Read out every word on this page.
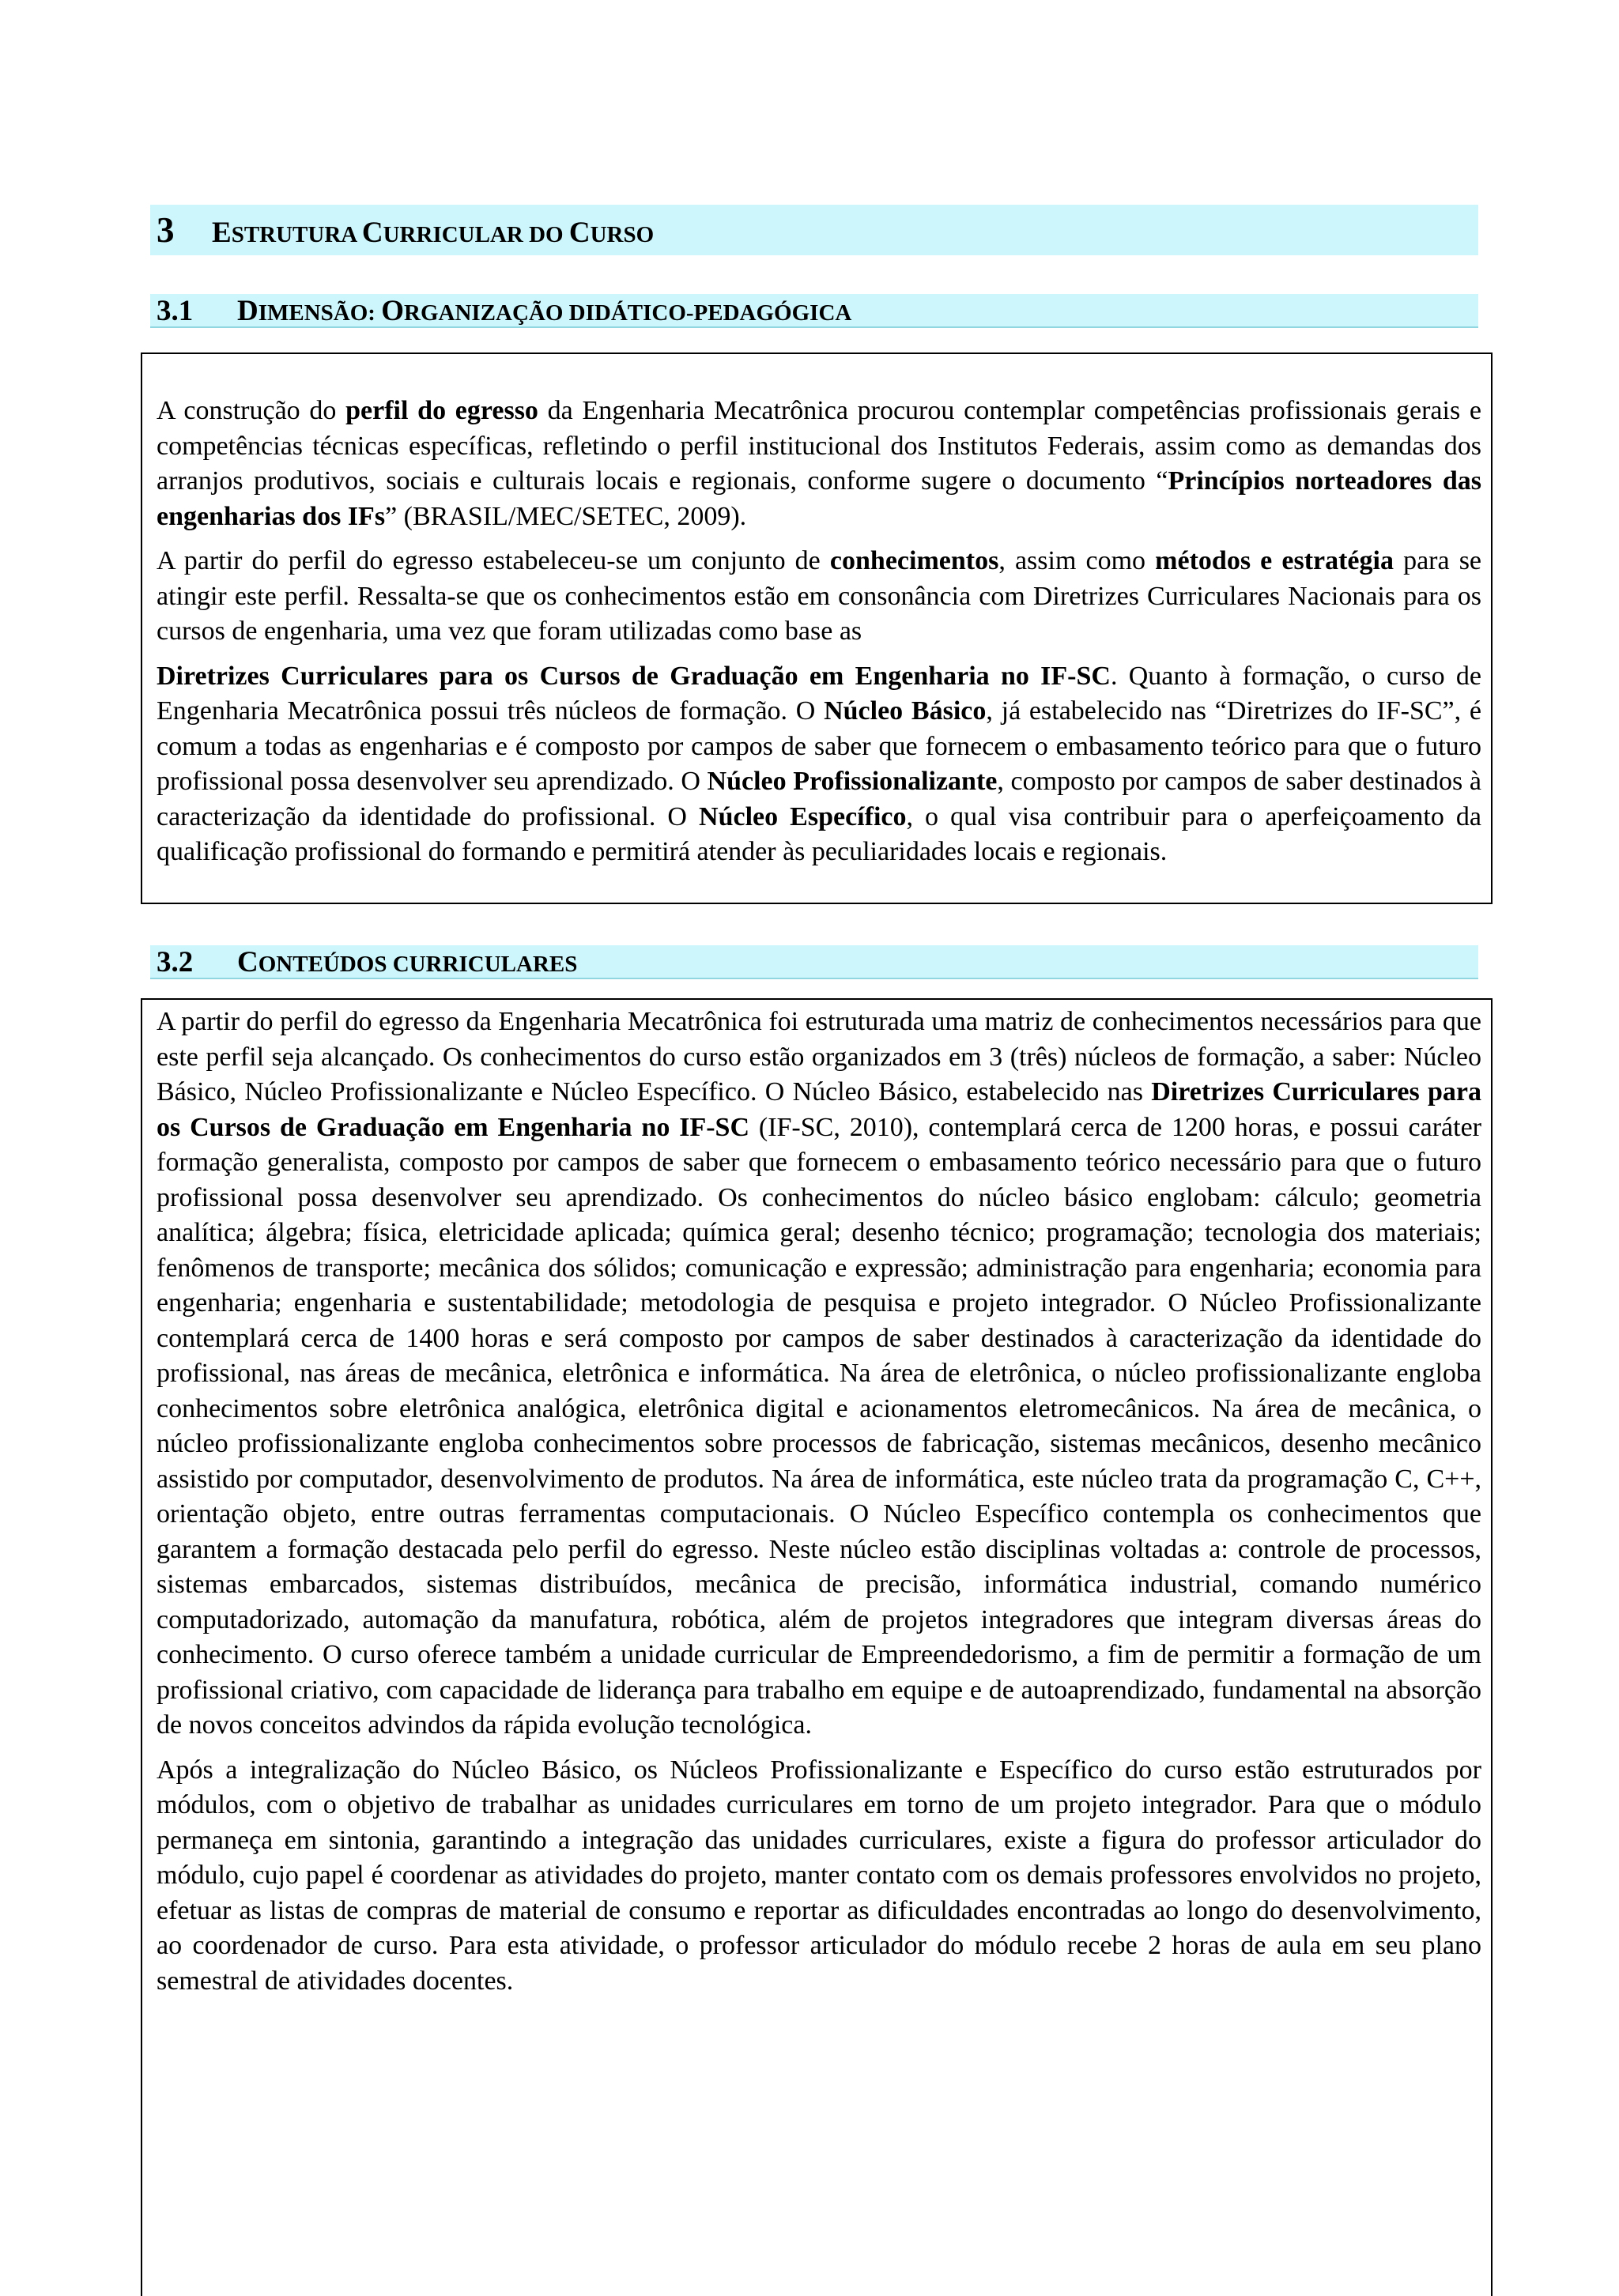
3 ESTRUTURA CURRICULAR DO CURSO
3.1 DIMENSÃO: ORGANIZAÇÃO DIDÁTICO-PEDAGÓGICA

A construção do perfil do egresso da Engenharia Mecatrônica procurou contemplar competências profissionais gerais e competências técnicas específicas, refletindo o perfil institucional dos Institutos Federais, assim como as demandas dos arranjos produtivos, sociais e culturais locais e regionais, conforme sugere o documento “Princípios norteadores das engenharias dos IFs” (BRASIL/MEC/SETEC, 2009).

A partir do perfil do egresso estabeleceu-se um conjunto de conhecimentos, assim como métodos e estratégia para se atingir este perfil. Ressalta-se que os conhecimentos estão em consonância com Diretrizes Curriculares Nacionais para os cursos de engenharia, uma vez que foram utilizadas como base as

Diretrizes Curriculares para os Cursos de Graduação em Engenharia no IF-SC. Quanto à formação, o curso de Engenharia Mecatrônica possui três núcleos de formação. O Núcleo Básico, já estabelecido nas “Diretrizes do IF-SC”, é comum a todas as engenharias e é composto por campos de saber que fornecem o embasamento teórico para que o futuro profissional possa desenvolver seu aprendizado. O Núcleo Profissionalizante, composto por campos de saber destinados à caracterização da identidade do profissional. O Núcleo Específico, o qual visa contribuir para o aperfeiçoamento da qualificação profissional do formando e permitirá atender às peculiaridades locais e regionais.

3.2 CONTEÚDOS CURRICULARES

A partir do perfil do egresso da Engenharia Mecatrônica foi estruturada uma matriz de conhecimentos necessários para que este perfil seja alcançado. Os conhecimentos do curso estão organizados em 3 (três) núcleos de formação, a saber: Núcleo Básico, Núcleo Profissionalizante e Núcleo Específico. O Núcleo Básico, estabelecido nas Diretrizes Curriculares para os Cursos de Graduação em Engenharia no IF-SC (IF-SC, 2010), contemplará cerca de 1200 horas, e possui caráter formação generalista, composto por campos de saber que fornecem o embasamento teórico necessário para que o futuro profissional possa desenvolver seu aprendizado. Os conhecimentos do núcleo básico englobam: cálculo; geometria analítica; álgebra; física, eletricidade aplicada; química geral; desenho técnico; programação; tecnologia dos materiais; fenômenos de transporte; mecânica dos sólidos; comunicação e expressão; administração para engenharia; economia para engenharia; engenharia e sustentabilidade; metodologia de pesquisa e projeto integrador. O Núcleo Profissionalizante contemplará cerca de 1400 horas e será composto por campos de saber destinados à caracterização da identidade do profissional, nas áreas de mecânica, eletrônica e informática. Na área de eletrônica, o núcleo profissionalizante engloba conhecimentos sobre eletrônica analógica, eletrônica digital e acionamentos eletromecânicos. Na área de mecânica, o núcleo profissionalizante engloba conhecimentos sobre processos de fabricação, sistemas mecânicos, desenho mecânico assistido por computador, desenvolvimento de produtos. Na área de informática, este núcleo trata da programação C, C++, orientação objeto, entre outras ferramentas computacionais. O Núcleo Específico contempla os conhecimentos que garantem a formação destacada pelo perfil do egresso. Neste núcleo estão disciplinas voltadas a: controle de processos, sistemas embarcados, sistemas distribuídos, mecânica de precisão, informática industrial, comando numérico computadorizado, automação da manufatura, robótica, além de projetos integradores que integram diversas áreas do conhecimento. O curso oferece também a unidade curricular de Empreendedorismo, a fim de permitir a formação de um profissional criativo, com capacidade de liderança para trabalho em equipe e de autoaprendizado, fundamental na absorção de novos conceitos advindos da rápida evolução tecnológica.

Após a integralização do Núcleo Básico, os Núcleos Profissionalizante e Específico do curso estão estruturados por módulos, com o objetivo de trabalhar as unidades curriculares em torno de um projeto integrador. Para que o módulo permaneça em sintonia, garantindo a integração das unidades curriculares, existe a figura do professor articulador do módulo, cujo papel é coordenar as atividades do projeto, manter contato com os demais professores envolvidos no projeto, efetuar as listas de compras de material de consumo e reportar as dificuldades encontradas ao longo do desenvolvimento, ao coordenador de curso. Para esta atividade, o professor articulador do módulo recebe 2 horas de aula em seu plano semestral de atividades docentes.
